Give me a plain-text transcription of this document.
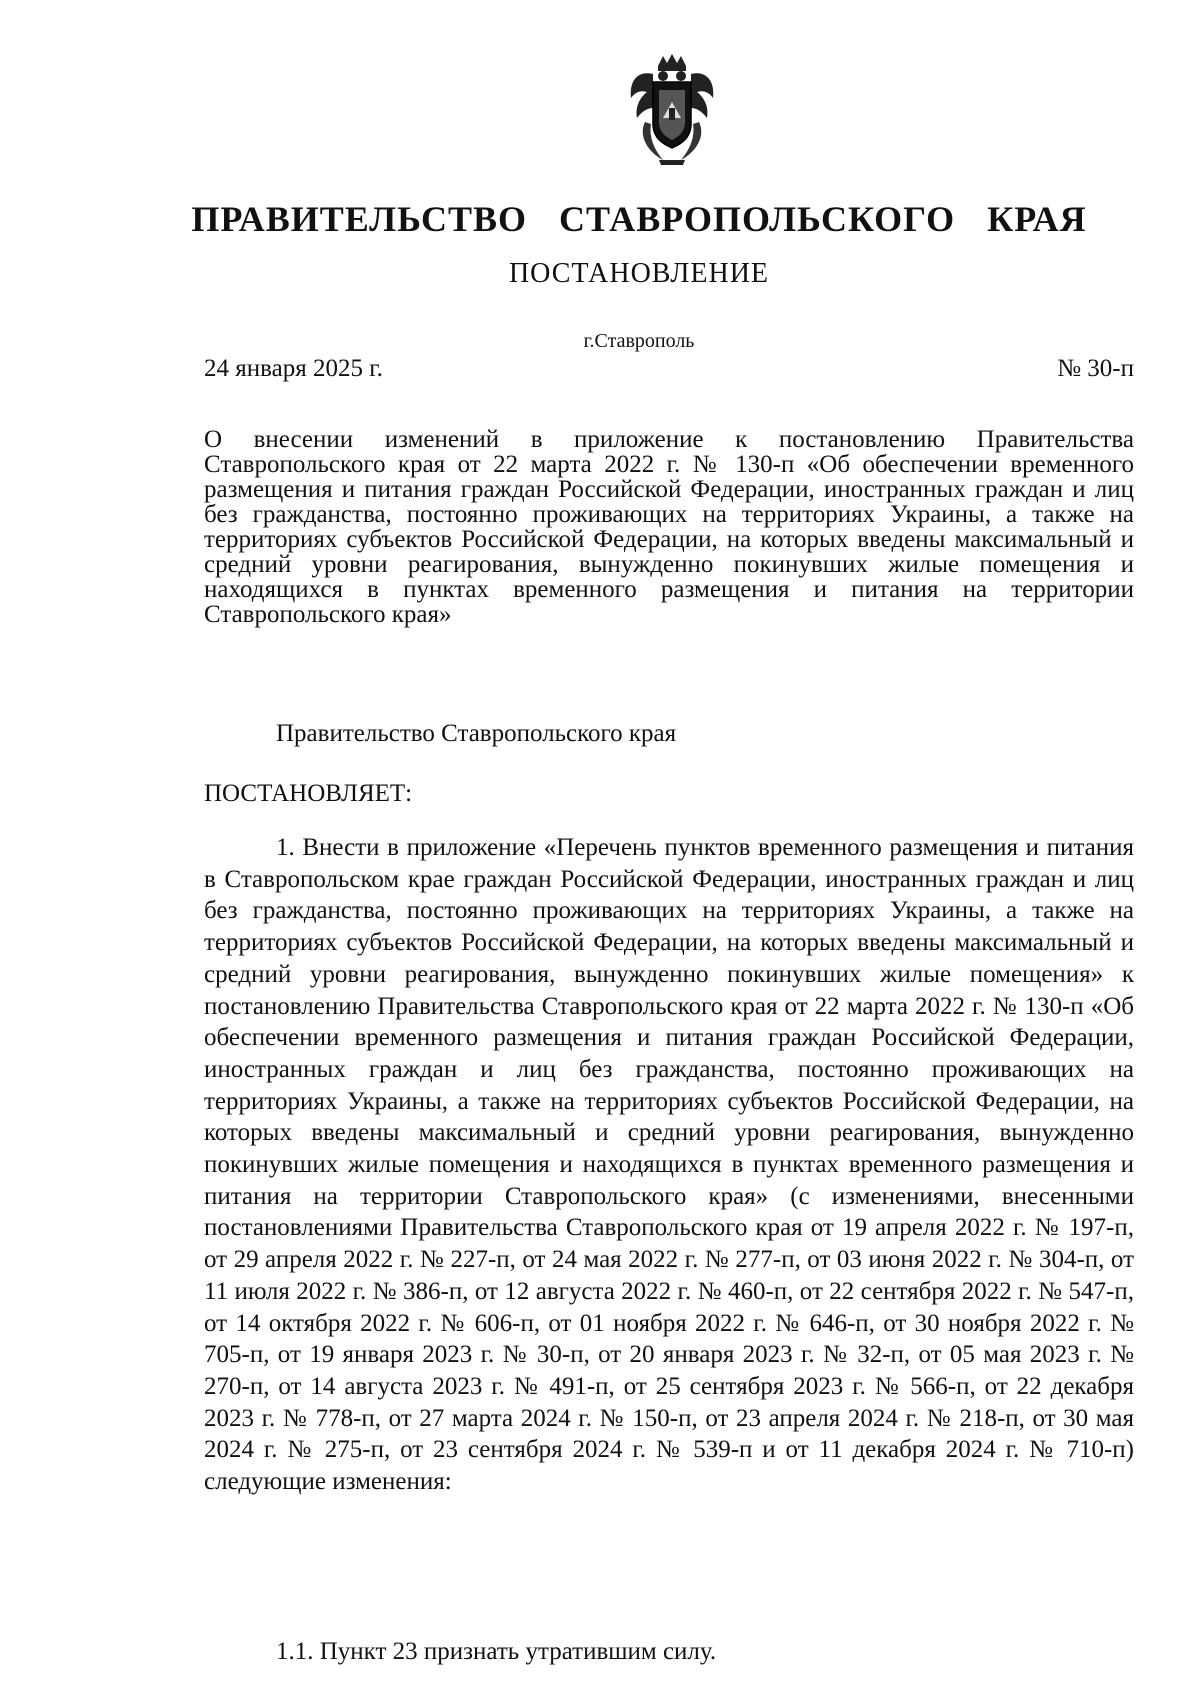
ПРАВИТЕЛЬСТВО СТАВРОПОЛЬСКОГО КРАЯ
ПОСТАНОВЛЕНИЕ
г.Ставрополь
24 января 2025 г.	№ 30-п
О внесении изменений в приложение к постановлению Правительства Ставропольского края от 22 марта 2022 г. № 130-п «Об обеспечении временного размещения и питания граждан Российской Федерации, иностранных граждан и лиц без гражданства, постоянно проживающих на территориях Украины, а также на территориях субъектов Российской Федерации, на которых введены максимальный и средний уровни реагирования, вынужденно покинувших жилые помещения и находящихся в пунктах временного размещения и питания на территории Ставропольского края»
Правительство Ставропольского края
ПОСТАНОВЛЯЕТ:

1. Внести в приложение «Перечень пунктов временного размещения и питания в Ставропольском крае граждан Российской Федерации, иностранных граждан и лиц без гражданства, постоянно проживающих на территориях Украины, а также на территориях субъектов Российской Федерации, на которых введены максимальный и средний уровни реагирования, вынужденно покинувших жилые помещения» к постановлению Правительства Ставропольского края от 22 марта 2022 г. № 130-п «Об обеспечении временного размещения и питания граждан Российской Федерации, иностранных граждан и лиц без гражданства, постоянно проживающих на территориях Украины, а также на территориях субъектов Российской Федерации, на которых введены максимальный и средний уровни реагирования, вынужденно покинувших жилые помещения и находящихся в пунктах временного размещения и питания на территории Ставропольского края» (с изменениями, внесенными постановлениями Правительства Ставропольского края от 19 апреля 2022 г. № 197-п, от 29 апреля 2022 г. № 227-п, от 24 мая 2022 г. № 277-п, от 03 июня 2022 г. № 304-п, от 11 июля 2022 г. № 386-п, от 12 августа 2022 г. № 460-п, от 22 сентября 2022 г. № 547-п, от 14 октября 2022 г. № 606-п, от 01 ноября 2022 г. № 646-п, от 30 ноября 2022 г. № 705-п, от 19 января 2023 г. № 30-п, от 20 января 2023 г. № 32-п, от 05 мая 2023 г. № 270-п, от 14 августа 2023 г. № 491-п, от 25 сентября 2023 г. № 566-п, от 22 декабря 2023 г. № 778-п, от 27 марта 2024 г. № 150-п, от 23 апреля 2024 г. № 218-п, от 30 мая 2024 г. № 275-п, от 23 сентября 2024 г. № 539-п и от 11 декабря 2024 г. № 710-п) следующие изменения:

1.1. Пункт 23 признать утратившим силу.
